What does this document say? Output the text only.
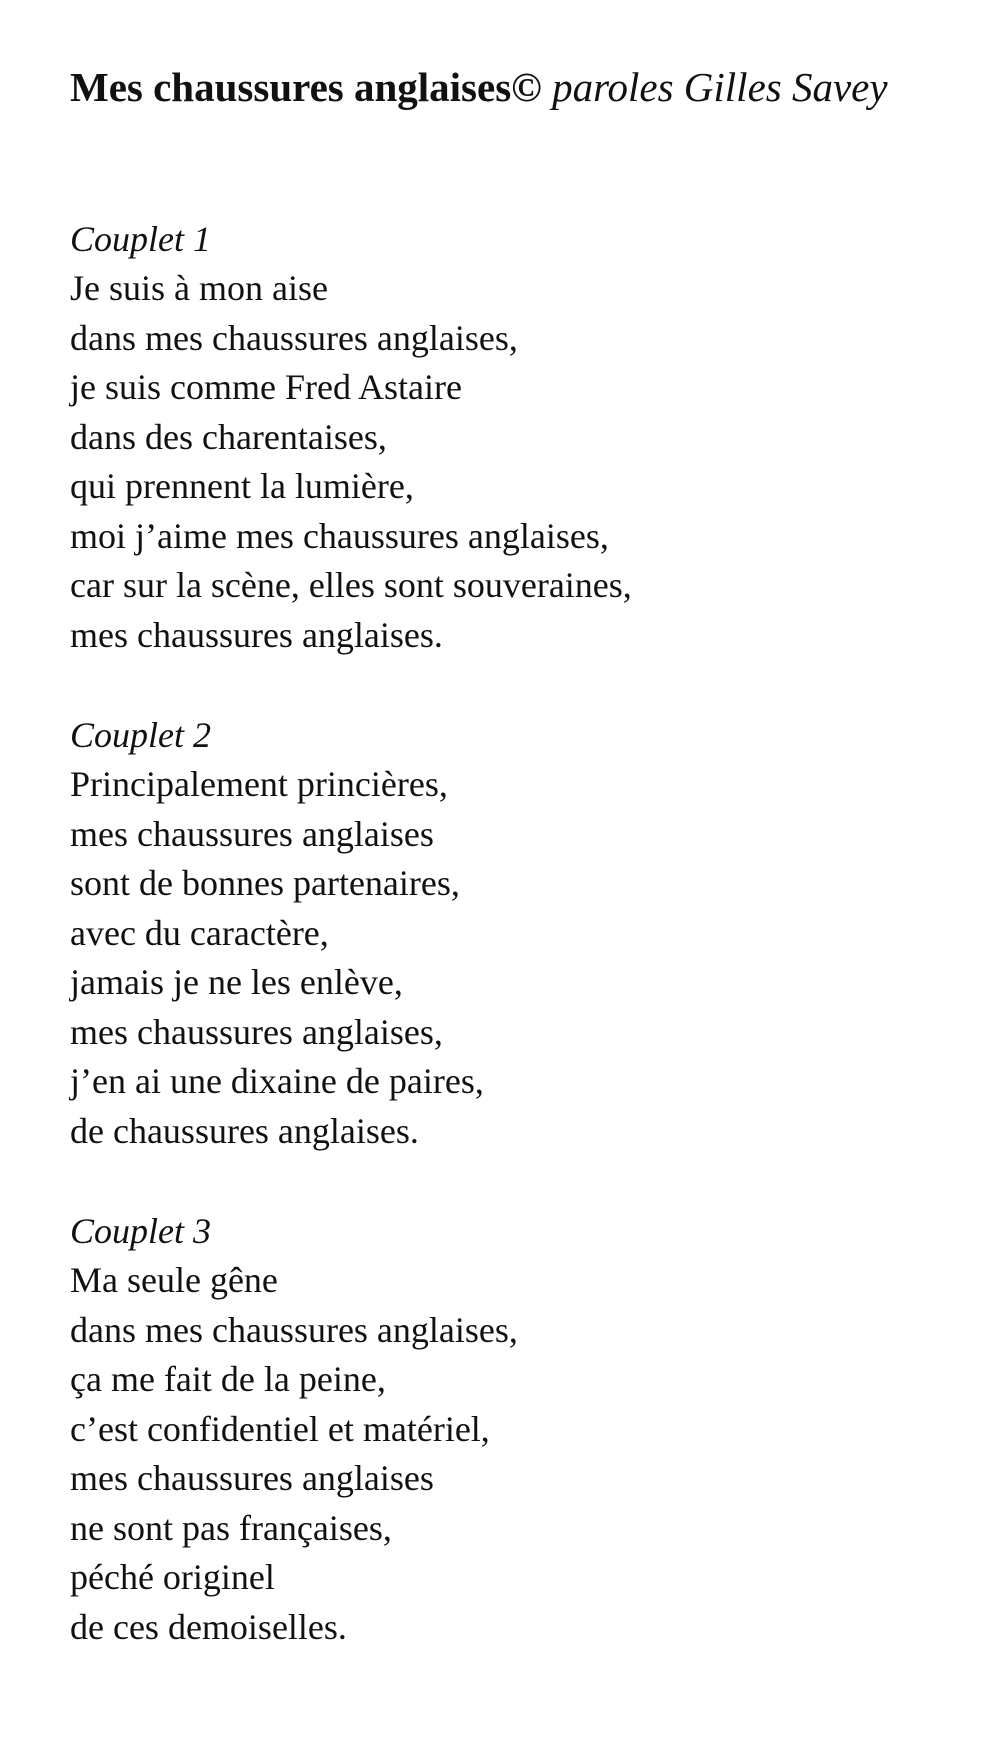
Mes chaussures anglaises© paroles Gilles Savey
Couplet 1
Je suis à mon aise
dans mes chaussures anglaises,
je suis comme Fred Astaire
dans des charentaises,
qui prennent la lumière,
moi j’aime mes chaussures anglaises,
car sur la scène, elles sont souveraines,
mes chaussures anglaises.
Couplet 2
Principalement princières,
mes chaussures anglaises
sont de bonnes partenaires,
avec du caractère,
jamais je ne les enlève,
mes chaussures anglaises,
j’en ai une dixaine de paires,
de chaussures anglaises.
Couplet 3
Ma seule gêne
dans mes chaussures anglaises,
ça me fait de la peine,
c’est confidentiel et matériel,
mes chaussures anglaises
ne sont pas françaises,
péché originel
de ces demoiselles.
